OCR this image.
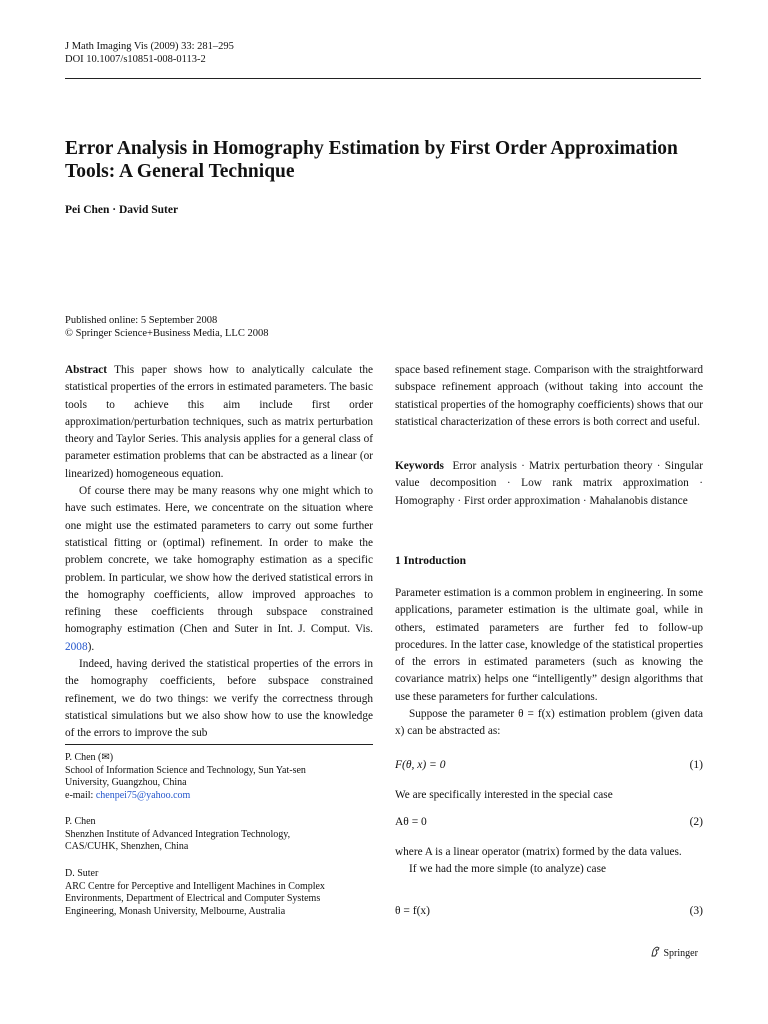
J Math Imaging Vis (2009) 33: 281–295
DOI 10.1007/s10851-008-0113-2
Error Analysis in Homography Estimation by First Order Approximation Tools: A General Technique
Pei Chen · David Suter
Published online: 5 September 2008
© Springer Science+Business Media, LLC 2008

Abstract This paper shows how to analytically calculate the statistical properties of the errors in estimated parameters. The basic tools to achieve this aim include first order approximation/perturbation techniques, such as matrix perturbation theory and Taylor Series. This analysis applies for a general class of parameter estimation problems that can be abstracted as a linear (or linearized) homogeneous equation.

Of course there may be many reasons why one might which to have such estimates. Here, we concentrate on the situation where one might use the estimated parameters to carry out some further statistical fitting or (optimal) refinement. In order to make the problem concrete, we take homography estimation as a specific problem. In particular, we show how the derived statistical errors in the homography coefficients, allow improved approaches to refining these coefficients through subspace constrained homography estimation (Chen and Suter in Int. J. Comput. Vis. 2008).

Indeed, having derived the statistical properties of the errors in the homography coefficients, before subspace constrained refinement, we do two things: we verify the correctness through statistical simulations but we also show how to use the knowledge of the errors to improve the sub

space based refinement stage. Comparison with the straightforward subspace refinement approach (without taking into account the statistical properties of the homography coefficients) shows that our statistical characterization of these errors is both correct and useful.

Keywords Error analysis · Matrix perturbation theory · Singular value decomposition · Low rank matrix approximation · Homography · First order approximation · Mahalanobis distance

1 Introduction

Parameter estimation is a common problem in engineering. In some applications, parameter estimation is the ultimate goal, while in others, estimated parameters are further fed to follow-up procedures. In the latter case, knowledge of the statistical properties of the errors in estimated parameters (such as knowing the covariance matrix) helps one “intelligently” design algorithms that use these parameters for further calculations.

Suppose the parameter θ = f(x) estimation problem (given data x) can be abstracted as:

F(θ, x) = 0	(1)

We are specifically interested in the special case

Aθ = 0	(2)

where A is a linear operator (matrix) formed by the data values.

If we had the more simple (to analyze) case

θ = f(x)	(3)
P. Chen (✉)
School of Information Science and Technology, Sun Yat-sen
University, Guangzhou, China
e-mail: chenpei75@yahoo.com
P. Chen
Shenzhen Institute of Advanced Integration Technology,
CAS/CUHK, Shenzhen, China
D. Suter
ARC Centre for Perceptive and Intelligent Machines in Complex
Environments, Department of Electrical and Computer Systems
Engineering, Monash University, Melbourne, Australia
Springer
